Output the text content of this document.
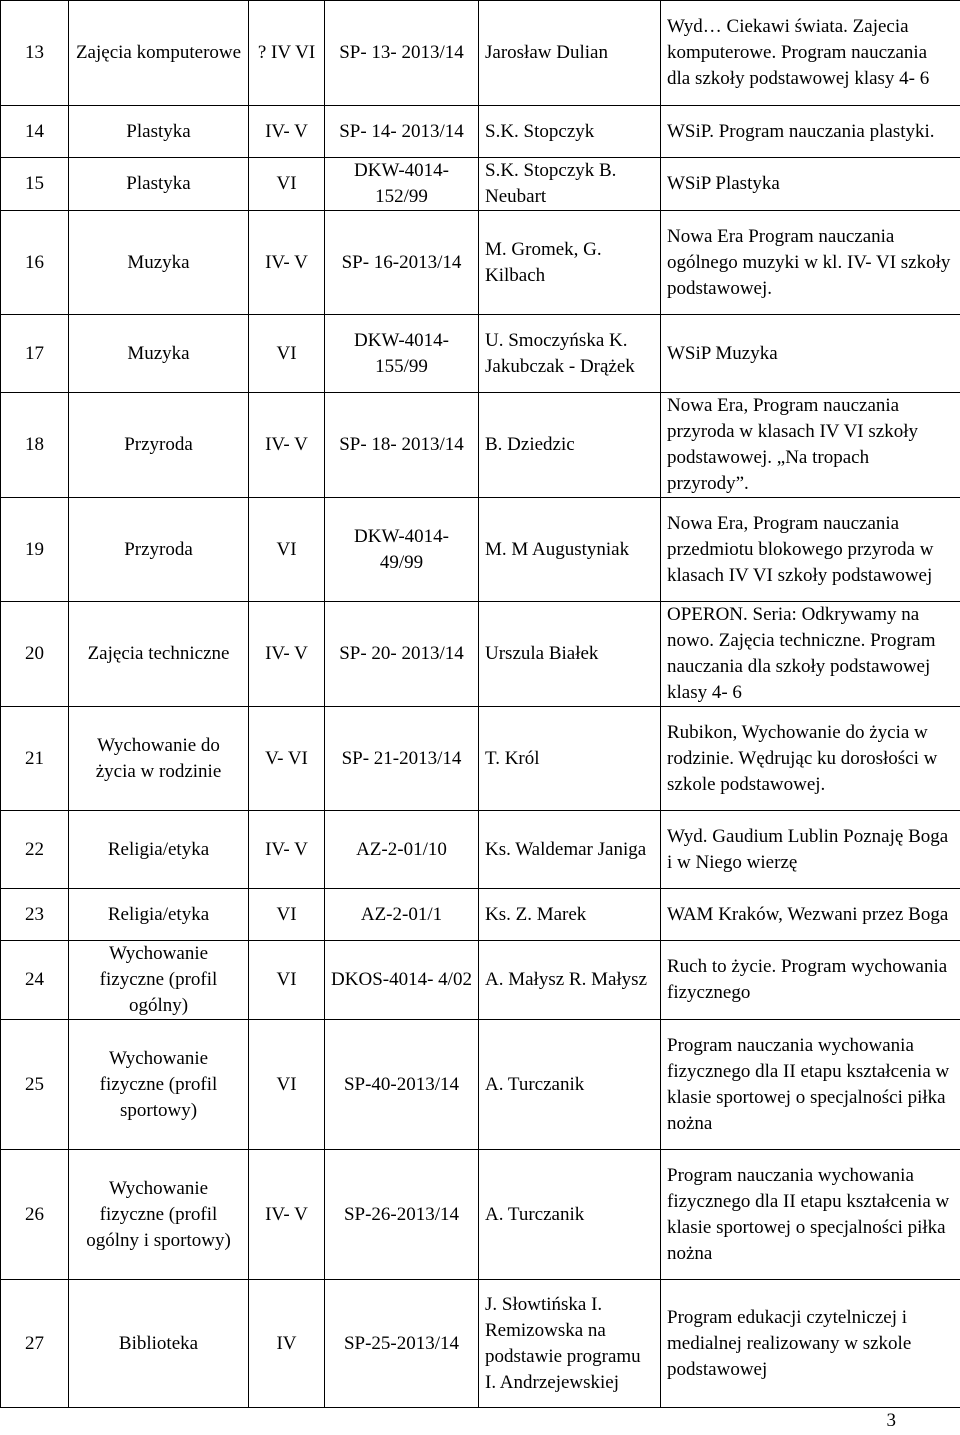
13	Zajęcia komputerowe	? IV VI	SP- 13- 2013/14	Jarosław Dulian	Wyd… Ciekawi świata. Zajecia komputerowe. Program nauczania dla szkoły podstawowej klasy 4- 6
14	Plastyka	IV- V	SP- 14- 2013/14	S.K. Stopczyk	WSiP. Program nauczania plastyki.
15	Plastyka	VI	DKW-4014- 152/99	S.K. Stopczyk B. Neubart	WSiP Plastyka
16	Muzyka	IV- V	SP- 16-2013/14	M. Gromek, G. Kilbach	Nowa Era Program nauczania ogólnego muzyki w kl. IV- VI szkoły podstawowej.
17	Muzyka	VI	DKW-4014- 155/99	U. Smoczyńska K. Jakubczak - Drążek	WSiP Muzyka
18	Przyroda	IV- V	SP- 18- 2013/14	B. Dziedzic	Nowa Era, Program nauczania przyroda w klasach IV VI szkoły podstawowej. „Na tropach przyrody”.
19	Przyroda	VI	DKW-4014- 49/99	M. M Augustyniak	Nowa Era, Program nauczania przedmiotu blokowego przyroda w klasach IV VI szkoły podstawowej
20	Zajęcia techniczne	IV- V	SP- 20- 2013/14	Urszula Białek	OPERON. Seria: Odkrywamy na nowo. Zajęcia techniczne. Program nauczania dla szkoły podstawowej klasy 4- 6
21	Wychowanie do życia w rodzinie	V- VI	SP- 21-2013/14	T. Król	Rubikon, Wychowanie do życia w rodzinie. Wędrując ku dorosłości w szkole podstawowej.
22	Religia/etyka	IV- V	AZ-2-01/10	Ks. Waldemar Janiga	Wyd. Gaudium Lublin Poznaję Boga i w Niego wierzę
23	Religia/etyka	VI	AZ-2-01/1	Ks. Z. Marek	WAM Kraków, Wezwani przez Boga
24	Wychowanie fizyczne (profil ogólny)	VI	DKOS-4014- 4/02	A. Małysz R. Małysz	Ruch to życie. Program wychowania fizycznego
25	Wychowanie fizyczne (profil sportowy)	VI	SP-40-2013/14	A. Turczanik	Program nauczania wychowania fizycznego dla II etapu kształcenia w klasie sportowej o specjalności piłka nożna
26	Wychowanie fizyczne (profil ogólny i sportowy)	IV- V	SP-26-2013/14	A. Turczanik	Program nauczania wychowania fizycznego dla II etapu kształcenia w klasie sportowej o specjalności piłka nożna
27	Biblioteka	IV	SP-25-2013/14	J. Słowtińska I. Remizowska na podstawie programu I. Andrzejewskiej	Program edukacji czytelniczej i medialnej realizowany w szkole podstawowej
3
